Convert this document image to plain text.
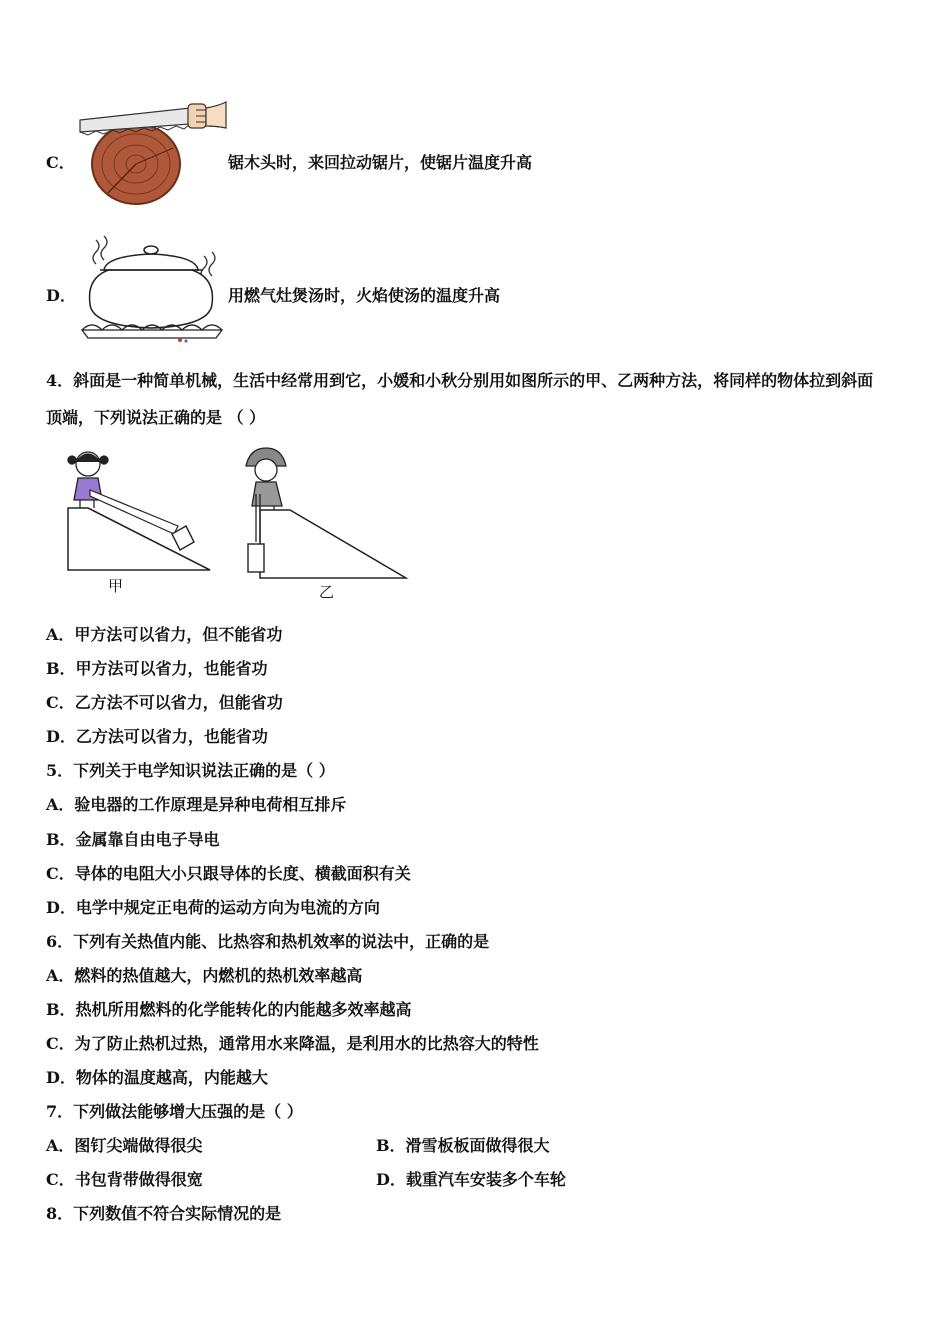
C．	锯木头时，来回拉动锯片，使锯片温度升高
D．	用燃气灶煲汤时，火焰使汤的温度升高
4．斜面是一种简单机械，生活中经常用到它，小媛和小秋分别用如图所示的甲、乙两种方法，将同样的物体拉到斜面
顶端，下列说法正确的是 （ ）
甲	乙
A．甲方法可以省力，但不能省功
B．甲方法可以省力，也能省功
C．乙方法不可以省力，但能省功
D．乙方法可以省力，也能省功
5．下列关于电学知识说法正确的是（ ）
A．验电器的工作原理是异种电荷相互排斥
B．金属靠自由电子导电
C．导体的电阻大小只跟导体的长度、横截面积有关
D．电学中规定正电荷的运动方向为电流的方向
6．下列有关热值内能、比热容和热机效率的说法中，正确的是
A．燃料的热值越大，内燃机的热机效率越高
B．热机所用燃料的化学能转化的内能越多效率越高
C．为了防止热机过热，通常用水来降温，是利用水的比热容大的特性
D．物体的温度越高，内能越大
7．下列做法能够增大压强的是（ ）
A．图钉尖端做得很尖	B．滑雪板板面做得很大
C．书包背带做得很宽	D．载重汽车安装多个车轮
8．下列数值不符合实际情况的是
